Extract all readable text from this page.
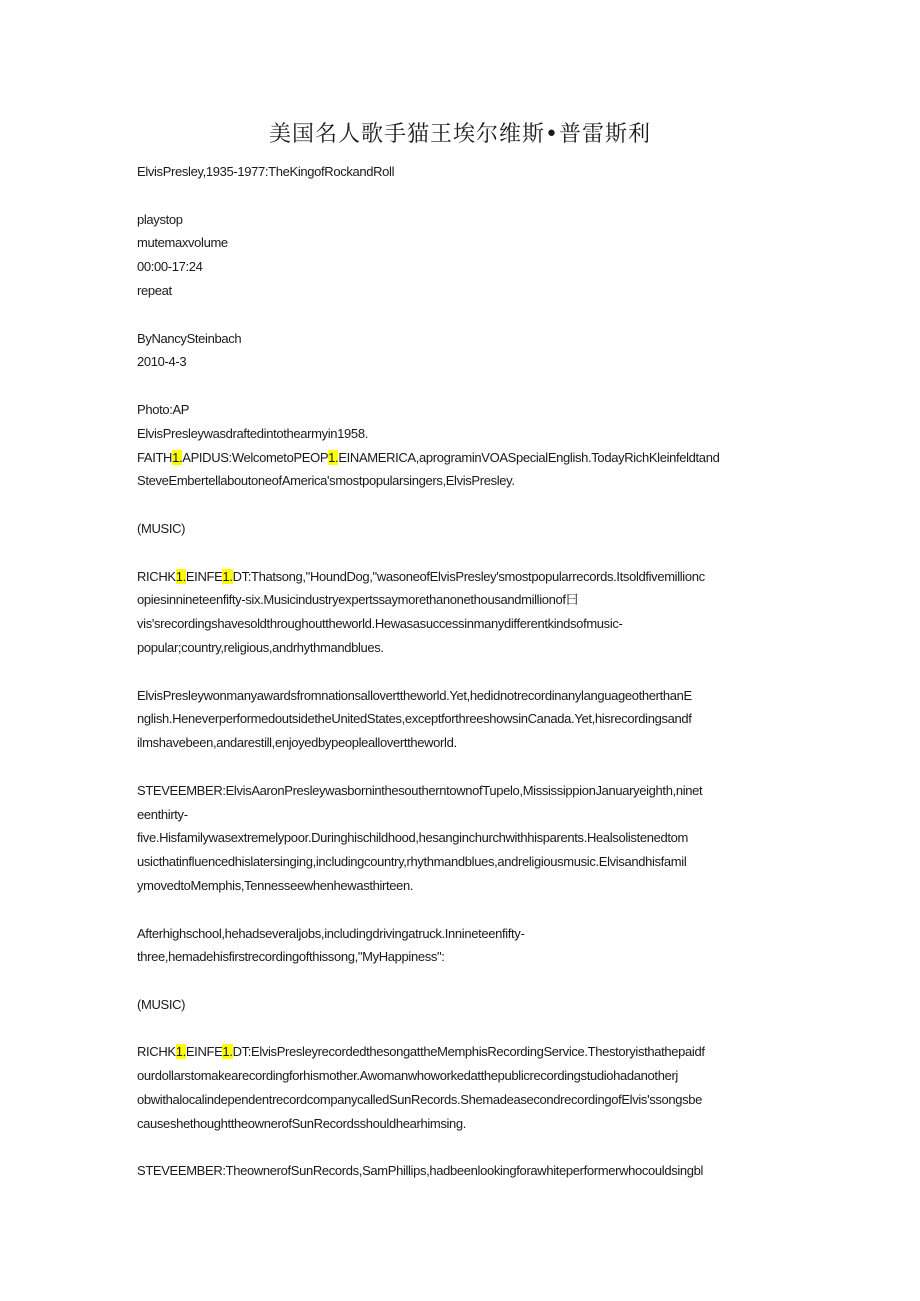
美国名人歌手猫王埃尔维斯•普雷斯利
ElvisPresley,1935-1977:TheKingofRockandRoll
playstop
mutemaxvolume
00:00-17:24
repeat
ByNancySteinbach
2010-4-3
Photo:AP
ElvisPresleywasdraftedintothearmyin1958.
FAITH1.APIDUS:WelcometoPEOP1.EINAMERICA,aprograminVOASpecialEnglish.TodayRichKleinfeldtand
SteveEmbertellaboutoneofAmerica'smostpopularsingers,ElvisPresley.
(MUSIC)
RICHK1.EINFE1.DT:Thatsong,"HoundDog,"wasoneofElvisPresley'smostpopularrecords.Itsoldfivemillionc
opiesinnineteenfifty-six.Musicindustryexpertssaymorethanonethousandmillionof曰
vis'srecordingshavesoldthroughouttheworld.Hewasasuccessinmanydifferentkindsofmusic-
popular;country,religious,andrhythmandblues.
ElvisPresleywonmanyawardsfromnationsalloverttheworld.Yet,hedidnotrecordinanylanguageotherthanE
nglish.HeneverperformedoutsidetheUnitedStates,exceptforthreeshowsinCanada.Yet,hisrecordingsandf
ilmshavebeen,andarestill,enjoyedbypeoplealloverttheworld.
STEVEEMBER:ElvisAaronPresleywasborninthesoutherntownofTupelo,MississippionJanuaryeighth,ninet
eenthirty-
five.Hisfamilywasextremelypoor.Duringhischildhood,hesanginchurchwithhisparents.Healsolistenedtom
usicthatinfluencedhislatersinging,includingcountry,rhythmandblues,andreligiousmusic.Elvisandhisfamil
ymovedtoMemphis,Tennesseewhenhewasthirteen.
Afterhighschool,hehadseveraljobs,includingdrivingatruck.Innineteenfifty-
three,hemadehisfirstrecordingofthissong,"MyHappiness":
(MUSIC)
RICHK1.EINFE1.DT:ElvisPresleyrecordedthesongattheMemphisRecordingService.Thestoryisthathepaidf
ourdollarstomakearecordingforhismother.Awomanwhoworkedatthepublicrecordingstudiohadanotherj
obwithalocalindependentrecordcompanycalledSunRecords.ShemadeasecondrecordingofElvis'ssongsbe
causeshethoughttheownerofSunRecordsshouldhearhimsing.
STEVEEMBER:TheownerofSunRecords,SamPhillips,hadbeenlookingforawhiteperformerwhocouldsingbl
